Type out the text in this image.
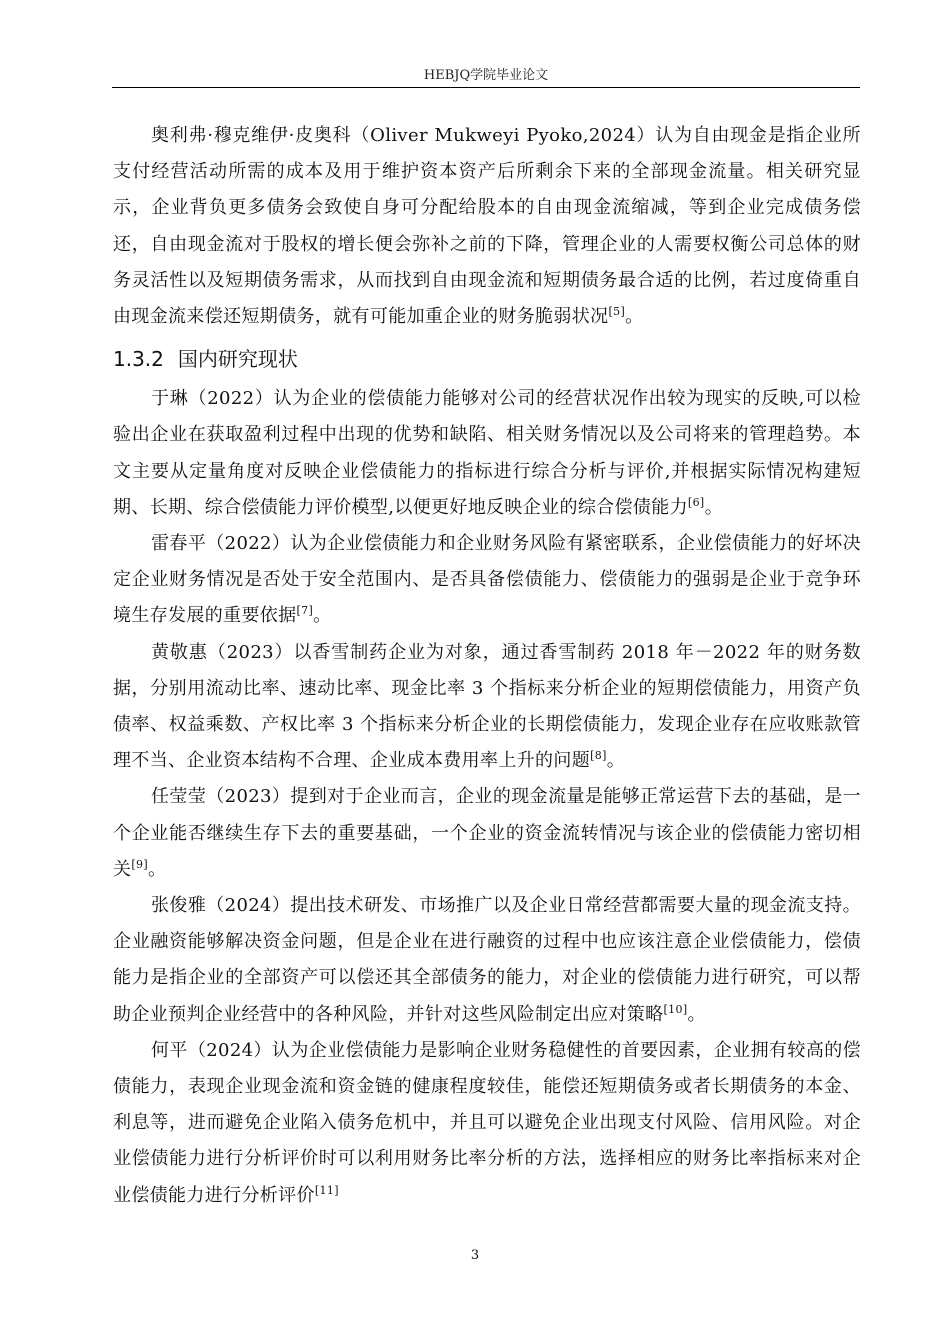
HEBJQ学院毕业论文

奥利弗·穆克维伊·皮奥科（Oliver Mukweyi Pyoko,2024）认为自由现金是指企业所支付经营活动所需的成本及用于维护资本资产后所剩余下来的全部现金流量。相关研究显示，企业背负更多债务会致使自身可分配给股本的自由现金流缩减，等到企业完成债务偿还，自由现金流对于股权的增长便会弥补之前的下降，管理企业的人需要权衡公司总体的财务灵活性以及短期债务需求，从而找到自由现金流和短期债务最合适的比例，若过度倚重自由现金流来偿还短期债务，就有可能加重企业的财务脆弱状况[5]。

1.3.2 国内研究现状

于琳（2022）认为企业的偿债能力能够对公司的经营状况作出较为现实的反映,可以检验出企业在获取盈利过程中出现的优势和缺陷、相关财务情况以及公司将来的管理趋势。本文主要从定量角度对反映企业偿债能力的指标进行综合分析与评价,并根据实际情况构建短期、长期、综合偿债能力评价模型,以便更好地反映企业的综合偿债能力[6]。

雷春平（2022）认为企业偿债能力和企业财务风险有紧密联系，企业偿债能力的好坏决定企业财务情况是否处于安全范围内、是否具备偿债能力、偿债能力的强弱是企业于竞争环境生存发展的重要依据[7]。

黄敬惠（2023）以香雪制药企业为对象，通过香雪制药 2018 年－2022 年的财务数据，分别用流动比率、速动比率、现金比率 3 个指标来分析企业的短期偿债能力，用资产负债率、权益乘数、产权比率 3 个指标来分析企业的长期偿债能力，发现企业存在应收账款管理不当、企业资本结构不合理、企业成本费用率上升的问题[8]。

任莹莹（2023）提到对于企业而言，企业的现金流量是能够正常运营下去的基础，是一个企业能否继续生存下去的重要基础，一个企业的资金流转情况与该企业的偿债能力密切相关[9]。

张俊雅（2024）提出技术研发、市场推广以及企业日常经营都需要大量的现金流支持。企业融资能够解决资金问题，但是企业在进行融资的过程中也应该注意企业偿债能力，偿债能力是指企业的全部资产可以偿还其全部债务的能力，对企业的偿债能力进行研究，可以帮助企业预判企业经营中的各种风险，并针对这些风险制定出应对策略[10]。

何平（2024）认为企业偿债能力是影响企业财务稳健性的首要因素，企业拥有较高的偿债能力，表现企业现金流和资金链的健康程度较佳，能偿还短期债务或者长期债务的本金、利息等，进而避免企业陷入债务危机中，并且可以避免企业出现支付风险、信用风险。对企业偿债能力进行分析评价时可以利用财务比率分析的方法，选择相应的财务比率指标来对企业偿债能力进行分析评价[11]

3
